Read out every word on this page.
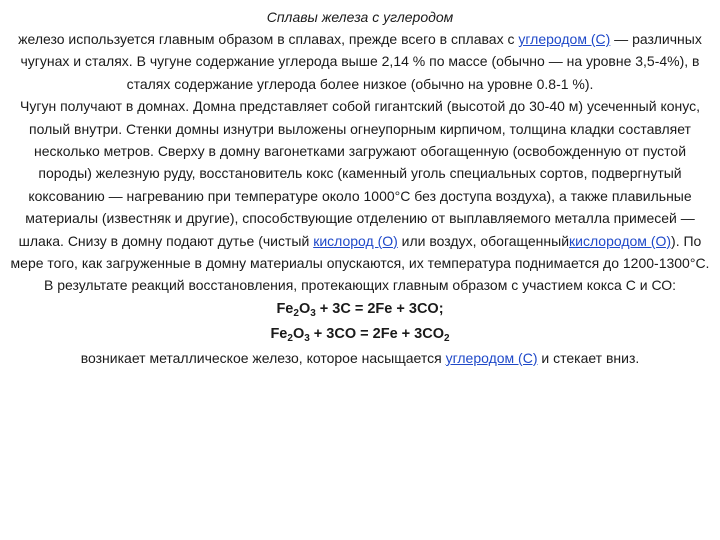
Сплавы железа с углеродом

железо используется главным образом в сплавах, прежде всего в сплавах с углеродом (С) — различных чугунах и сталях. В чугуне содержание углерода выше 2,14 % по массе (обычно — на уровне 3,5-4%), в сталях содержание углерода более низкое (обычно на уровне 0.8-1 %).

Чугун получают в домнах. Домна представляет собой гигантский (высотой до 30-40 м) усеченный конус, полый внутри. Стенки домны изнутри выложены огнеупорным кирпичом, толщина кладки составляет несколько метров. Сверху в домну вагонетками загружают обогащенную (освобожденную от пустой породы) железную руду, восстановитель кокс (каменный уголь специальных сортов, подвергнутый коксованию — нагреванию при температуре около 1000°С без доступа воздуха), а также плавильные материалы (известняк и другие), способствующие отделению от выплавляемого металла примесей — шлака. Снизу в домну подают дутье (чистый кислород (О) или воздух, обогащенныйкислородом (О)). По мере того, как загруженные в домну материалы опускаются, их температура поднимается до 1200-1300°С. В результате реакций восстановления, протекающих главным образом с участием кокса С и СО:

$Fe_2O_3 + 3C = 2Fe + 3CO$;

$Fe_2O_3 + 3CO = 2Fe + 3CO_2$

возникает металлическое железо, которое насыщается углеродом (С) и стекает вниз.
